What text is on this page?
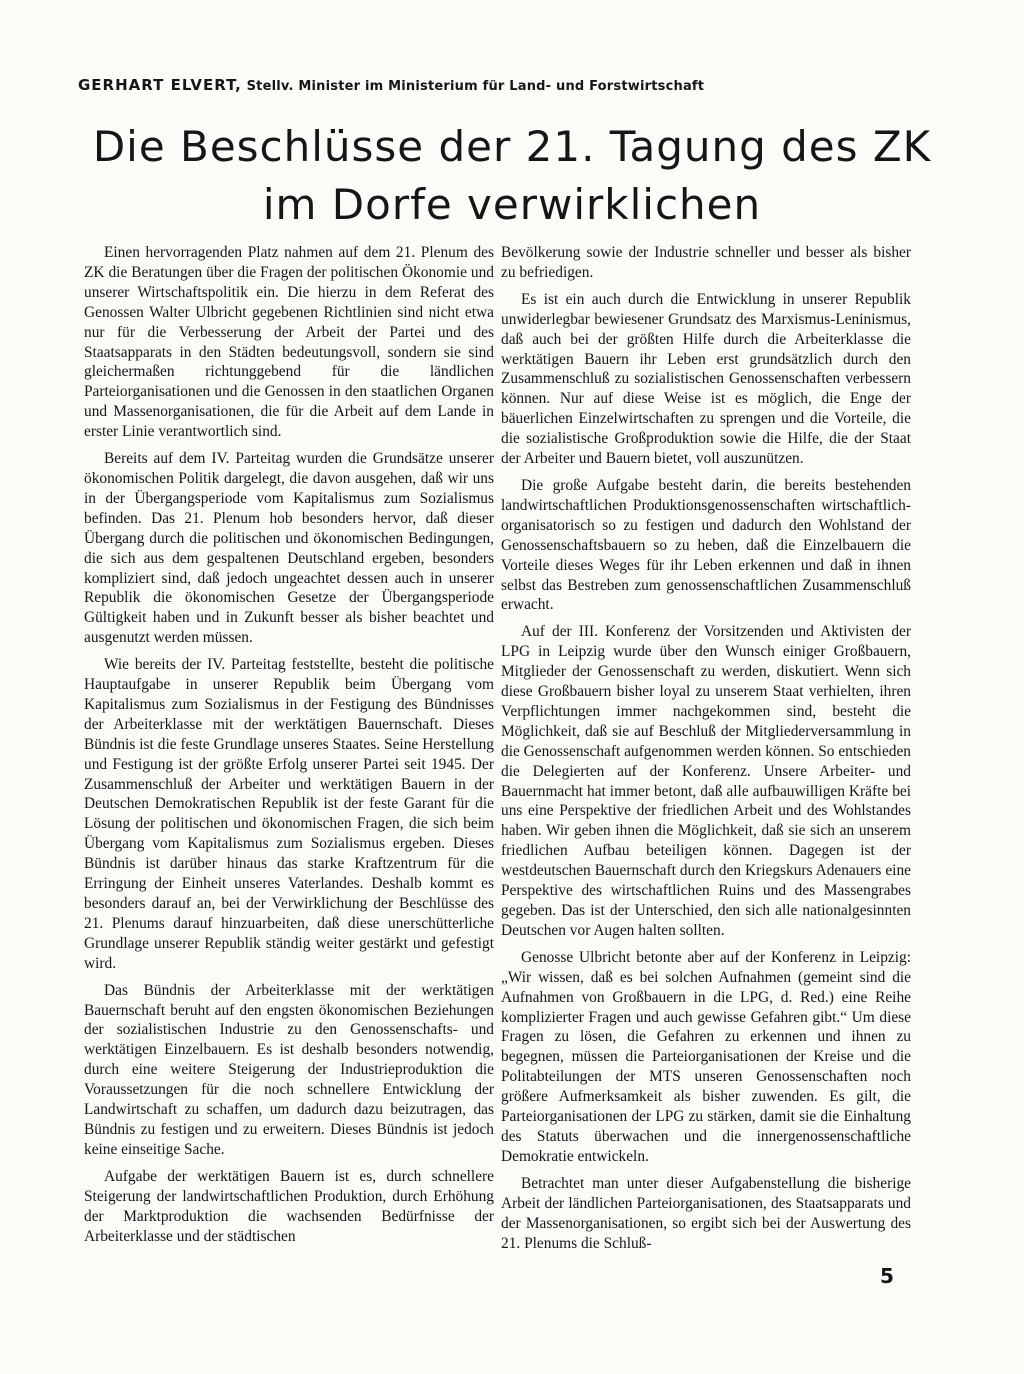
GERHART ELVERT, Stellv. Minister im Ministerium für Land- und Forstwirtschaft
Die Beschlüsse der 21. Tagung des ZK
im Dorfe verwirklichen

Einen hervorragenden Platz nahmen auf dem 21. Plenum des ZK die Beratungen über die Fragen der politischen Ökonomie und unserer Wirtschaftspolitik ein. Die hierzu in dem Referat des Genossen Walter Ulbricht gegebenen Richtlinien sind nicht etwa nur für die Verbesserung der Arbeit der Partei und des Staatsapparats in den Städten bedeutungsvoll, sondern sie sind gleichermaßen richtunggebend für die ländlichen Parteiorganisationen und die Genossen in den staatlichen Organen und Massenorganisationen, die für die Arbeit auf dem Lande in erster Linie verantwortlich sind.

Bereits auf dem IV. Parteitag wurden die Grundsätze unserer ökonomischen Politik dargelegt, die davon ausgehen, daß wir uns in der Übergangsperiode vom Kapitalismus zum Sozialismus befinden. Das 21. Plenum hob besonders hervor, daß dieser Übergang durch die politischen und ökonomischen Bedingungen, die sich aus dem gespaltenen Deutschland ergeben, besonders kompliziert sind, daß jedoch ungeachtet dessen auch in unserer Republik die ökonomischen Gesetze der Übergangsperiode Gültigkeit haben und in Zukunft besser als bisher beachtet und ausgenutzt werden müssen.

Wie bereits der IV. Parteitag feststellte, besteht die politische Hauptaufgabe in unserer Republik beim Übergang vom Kapitalismus zum Sozialismus in der Festigung des Bündnisses der Arbeiterklasse mit der werktätigen Bauernschaft. Dieses Bündnis ist die feste Grundlage unseres Staates. Seine Herstellung und Festigung ist der größte Erfolg unserer Partei seit 1945. Der Zusammenschluß der Arbeiter und werktätigen Bauern in der Deutschen Demokratischen Republik ist der feste Garant für die Lösung der politischen und ökonomischen Fragen, die sich beim Übergang vom Kapitalismus zum Sozialismus ergeben. Dieses Bündnis ist darüber hinaus das starke Kraftzentrum für die Erringung der Einheit unseres Vaterlandes. Deshalb kommt es besonders darauf an, bei der Verwirklichung der Beschlüsse des 21. Plenums darauf hinzuarbeiten, daß diese unerschütterliche Grundlage unserer Republik ständig weiter gestärkt und gefestigt wird.

Das Bündnis der Arbeiterklasse mit der werktätigen Bauernschaft beruht auf den engsten ökonomischen Beziehungen der sozialistischen Industrie zu den Genossenschafts- und werktätigen Einzelbauern. Es ist deshalb besonders notwendig, durch eine weitere Steigerung der Industrieproduktion die Voraussetzungen für die noch schnellere Entwicklung der Landwirtschaft zu schaffen, um dadurch dazu beizutragen, das Bündnis zu festigen und zu erweitern. Dieses Bündnis ist jedoch keine einseitige Sache.

Aufgabe der werktätigen Bauern ist es, durch schnellere Steigerung der landwirtschaftlichen Produktion, durch Erhöhung der Marktproduktion die wachsenden Bedürfnisse der Arbeiterklasse und der städtischen

Bevölkerung sowie der Industrie schneller und besser als bisher zu befriedigen.

Es ist ein auch durch die Entwicklung in unserer Republik unwiderlegbar bewiesener Grundsatz des Marxismus-Leninismus, daß auch bei der größten Hilfe durch die Arbeiterklasse die werktätigen Bauern ihr Leben erst grundsätzlich durch den Zusammenschluß zu sozialistischen Genossenschaften verbessern können. Nur auf diese Weise ist es möglich, die Enge der bäuerlichen Einzelwirtschaften zu sprengen und die Vorteile, die die sozialistische Großproduktion sowie die Hilfe, die der Staat der Arbeiter und Bauern bietet, voll auszunützen.

Die große Aufgabe besteht darin, die bereits bestehenden landwirtschaftlichen Produktionsgenossenschaften wirtschaftlich-organisatorisch so zu festigen und dadurch den Wohlstand der Genossenschaftsbauern so zu heben, daß die Einzelbauern die Vorteile dieses Weges für ihr Leben erkennen und daß in ihnen selbst das Bestreben zum genossenschaftlichen Zusammenschluß erwacht.

Auf der III. Konferenz der Vorsitzenden und Aktivisten der LPG in Leipzig wurde über den Wunsch einiger Großbauern, Mitglieder der Genossenschaft zu werden, diskutiert. Wenn sich diese Großbauern bisher loyal zu unserem Staat verhielten, ihren Verpflichtungen immer nachgekommen sind, besteht die Möglichkeit, daß sie auf Beschluß der Mitgliederversammlung in die Genossenschaft aufgenommen werden können. So entschieden die Delegierten auf der Konferenz. Unsere Arbeiter- und Bauernmacht hat immer betont, daß alle aufbauwilligen Kräfte bei uns eine Perspektive der friedlichen Arbeit und des Wohlstandes haben. Wir geben ihnen die Möglichkeit, daß sie sich an unserem friedlichen Aufbau beteiligen können. Dagegen ist der westdeutschen Bauernschaft durch den Kriegskurs Adenauers eine Perspektive des wirtschaftlichen Ruins und des Massengrabes gegeben. Das ist der Unterschied, den sich alle nationalgesinnten Deutschen vor Augen halten sollten.

Genosse Ulbricht betonte aber auf der Konferenz in Leipzig: „Wir wissen, daß es bei solchen Aufnahmen (gemeint sind die Aufnahmen von Großbauern in die LPG, d. Red.) eine Reihe komplizierter Fragen und auch gewisse Gefahren gibt.“ Um diese Fragen zu lösen, die Gefahren zu erkennen und ihnen zu begegnen, müssen die Parteiorganisationen der Kreise und die Politabteilungen der MTS unseren Genossenschaften noch größere Aufmerksamkeit als bisher zuwenden. Es gilt, die Parteiorganisationen der LPG zu stärken, damit sie die Einhaltung des Statuts überwachen und die innergenossenschaftliche Demokratie entwickeln.

Betrachtet man unter dieser Aufgabenstellung die bisherige Arbeit der ländlichen Parteiorganisationen, des Staatsapparats und der Massenorganisationen, so ergibt sich bei der Auswertung des 21. Plenums die Schluß-

5
